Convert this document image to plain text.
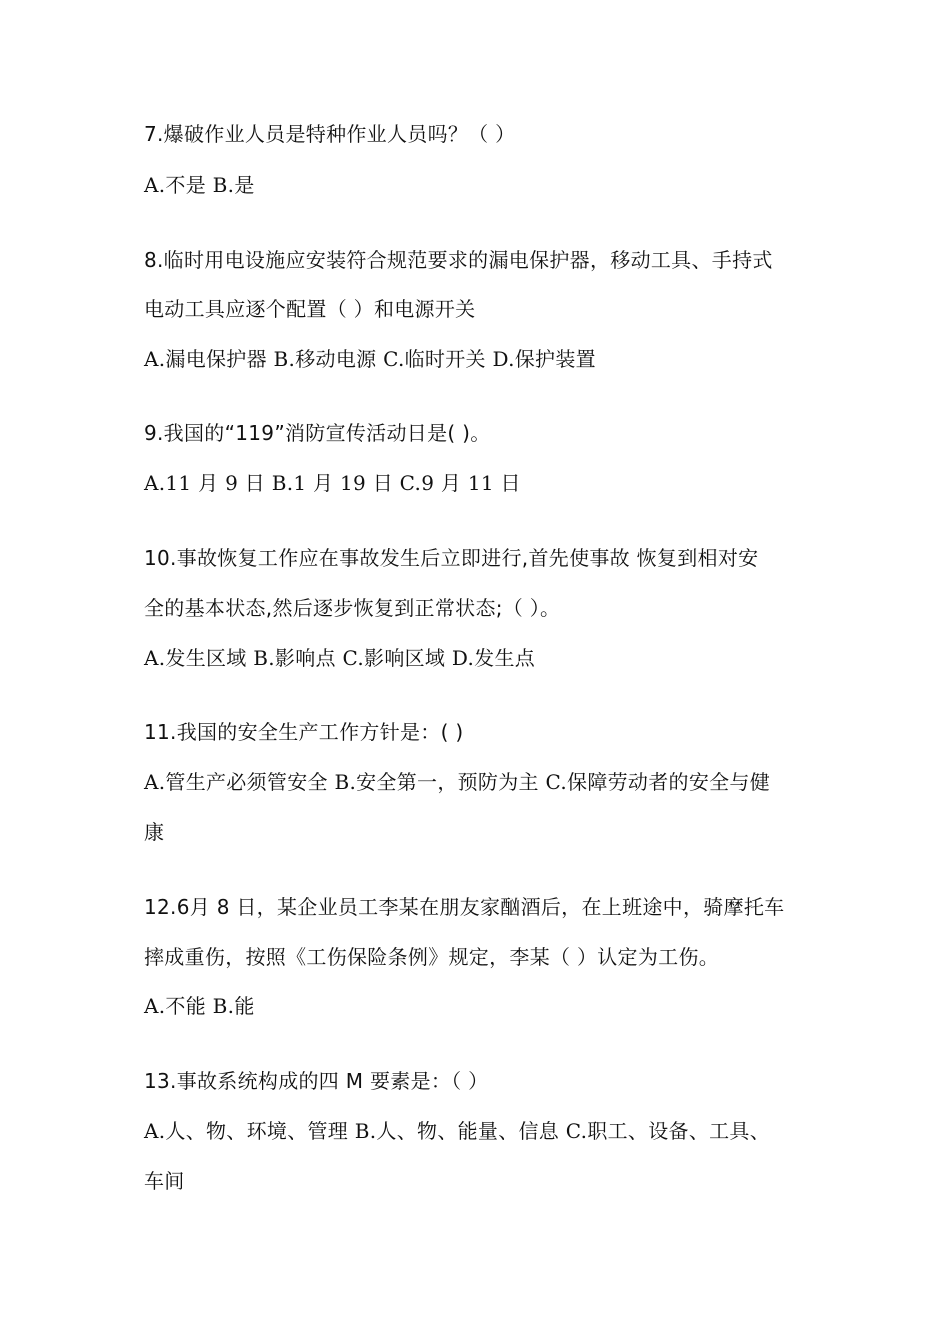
7.爆破作业人员是特种作业人员吗？（ ）
A.不是 B.是
8.临时用电设施应安装符合规范要求的漏电保护器，移动工具、手持式
电动工具应逐个配置（ ）和电源开关
A.漏电保护器 B.移动电源 C.临时开关 D.保护装置
9.我国的“119”消防宣传活动日是( )。
A.11 月 9 日 B.1 月 19 日 C.9 月 11 日
10.事故恢复工作应在事故发生后立即进行,首先使事故 恢复到相对安
全的基本状态,然后逐步恢复到正常状态;（ ）。
A.发生区域 B.影响点 C.影响区域 D.发生点
11.我国的安全生产工作方针是：( )
A.管生产必须管安全 B.安全第一，预防为主 C.保障劳动者的安全与健
康
12.6月 8 日，某企业员工李某在朋友家酗酒后，在上班途中，骑摩托车
摔成重伤，按照《工伤保险条例》规定，李某（ ）认定为工伤。
A.不能 B.能
13.事故系统构成的四 M 要素是：（ ）
A.人、物、环境、管理 B.人、物、能量、信息 C.职工、设备、工具、
车间
